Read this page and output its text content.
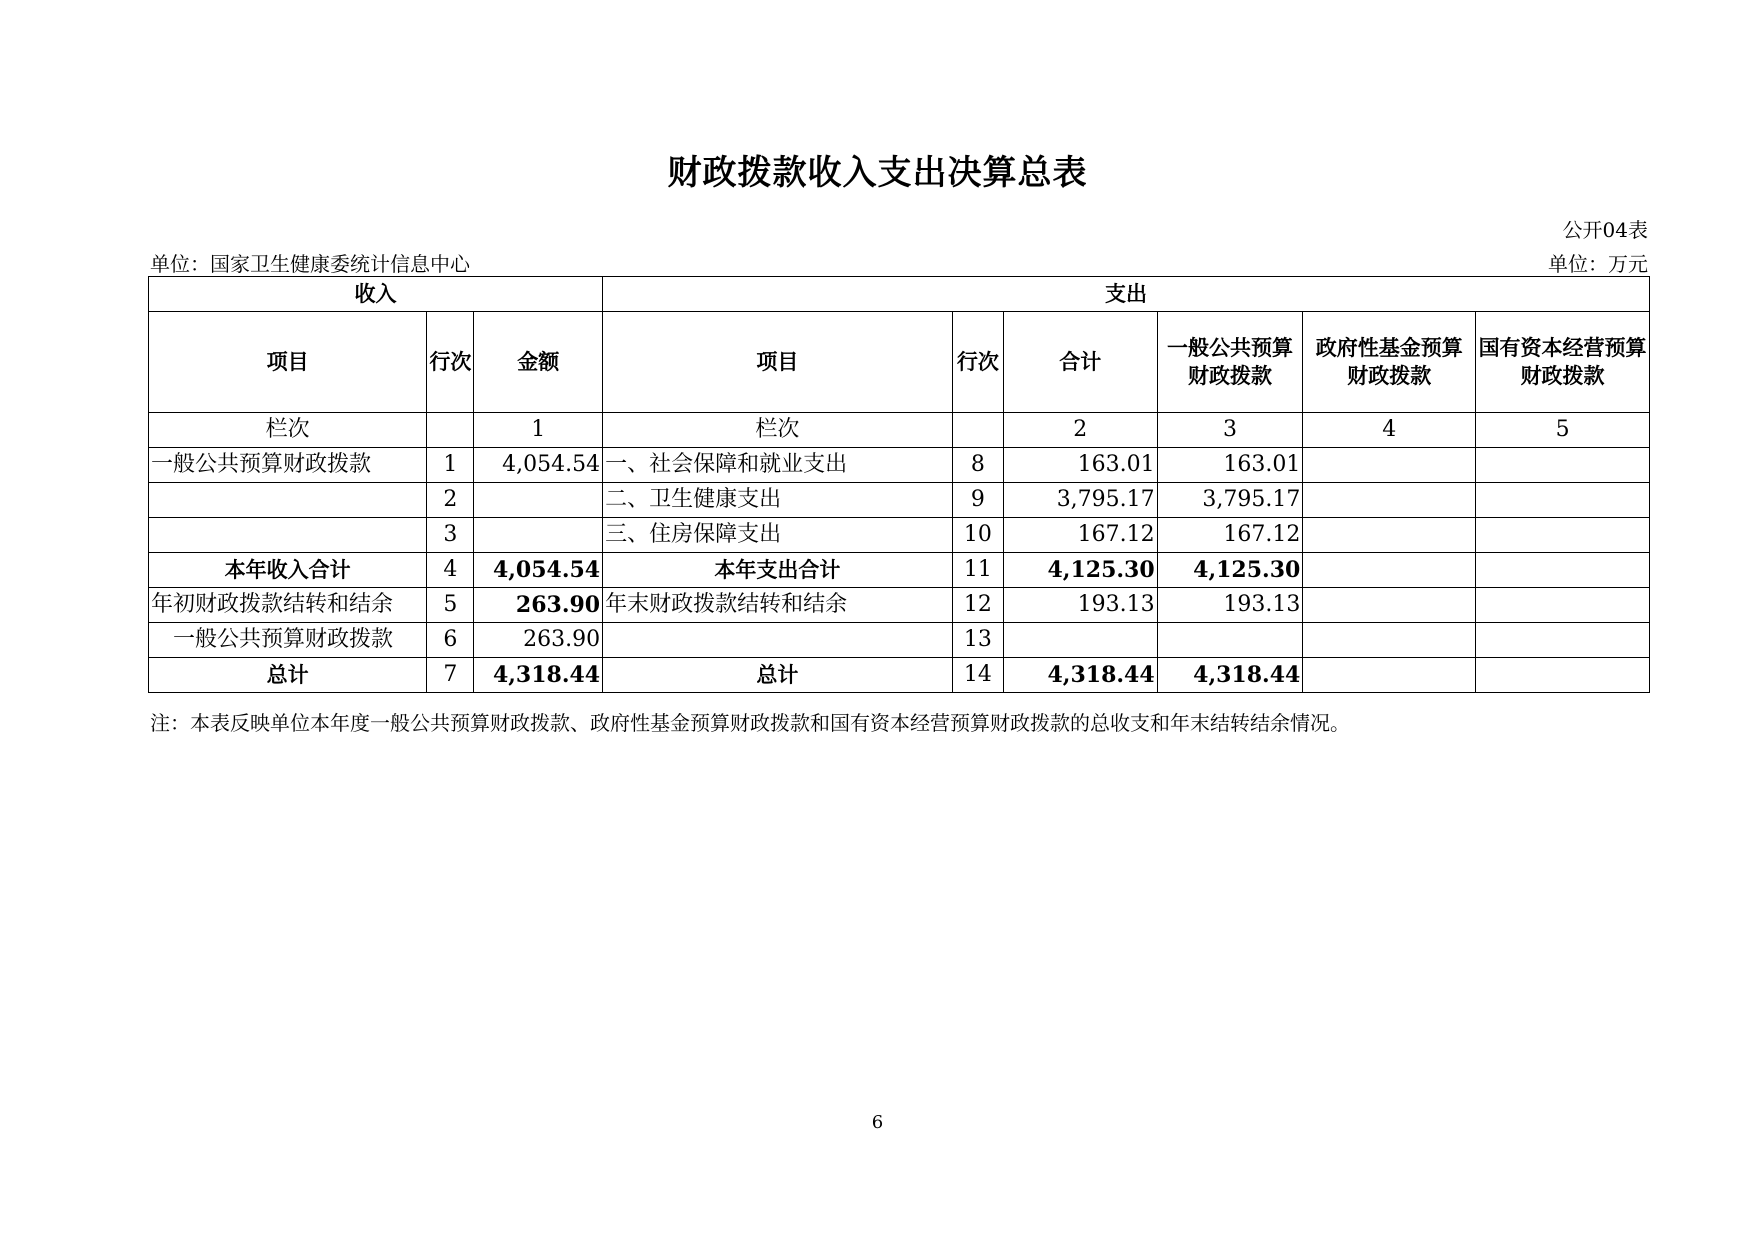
财政拨款收入支出决算总表
公开04表
单位：国家卫生健康委统计信息中心	单位：万元
收入			支出					
项目	行次	金额	项目	行次	合计	一般公共预算财政拨款	政府性基金预算财政拨款	国有资本经营预算财政拨款
栏次		1	栏次		2	3	4	5
一般公共预算财政拨款	1	4,054.54	一、社会保障和就业支出	8	163.01	163.01		
	2		二、卫生健康支出	9	3,795.17	3,795.17		
	3		三、住房保障支出	10	167.12	167.12		
本年收入合计	4	4,054.54	本年支出合计	11	4,125.30	4,125.30		
年初财政拨款结转和结余	5	263.90	年末财政拨款结转和结余	12	193.13	193.13		
一般公共预算财政拨款	6	263.90		13				
总计	7	4,318.44	总计	14	4,318.44	4,318.44		
注：本表反映单位本年度一般公共预算财政拨款、政府性基金预算财政拨款和国有资本经营预算财政拨款的总收支和年末结转结余情况。
6
